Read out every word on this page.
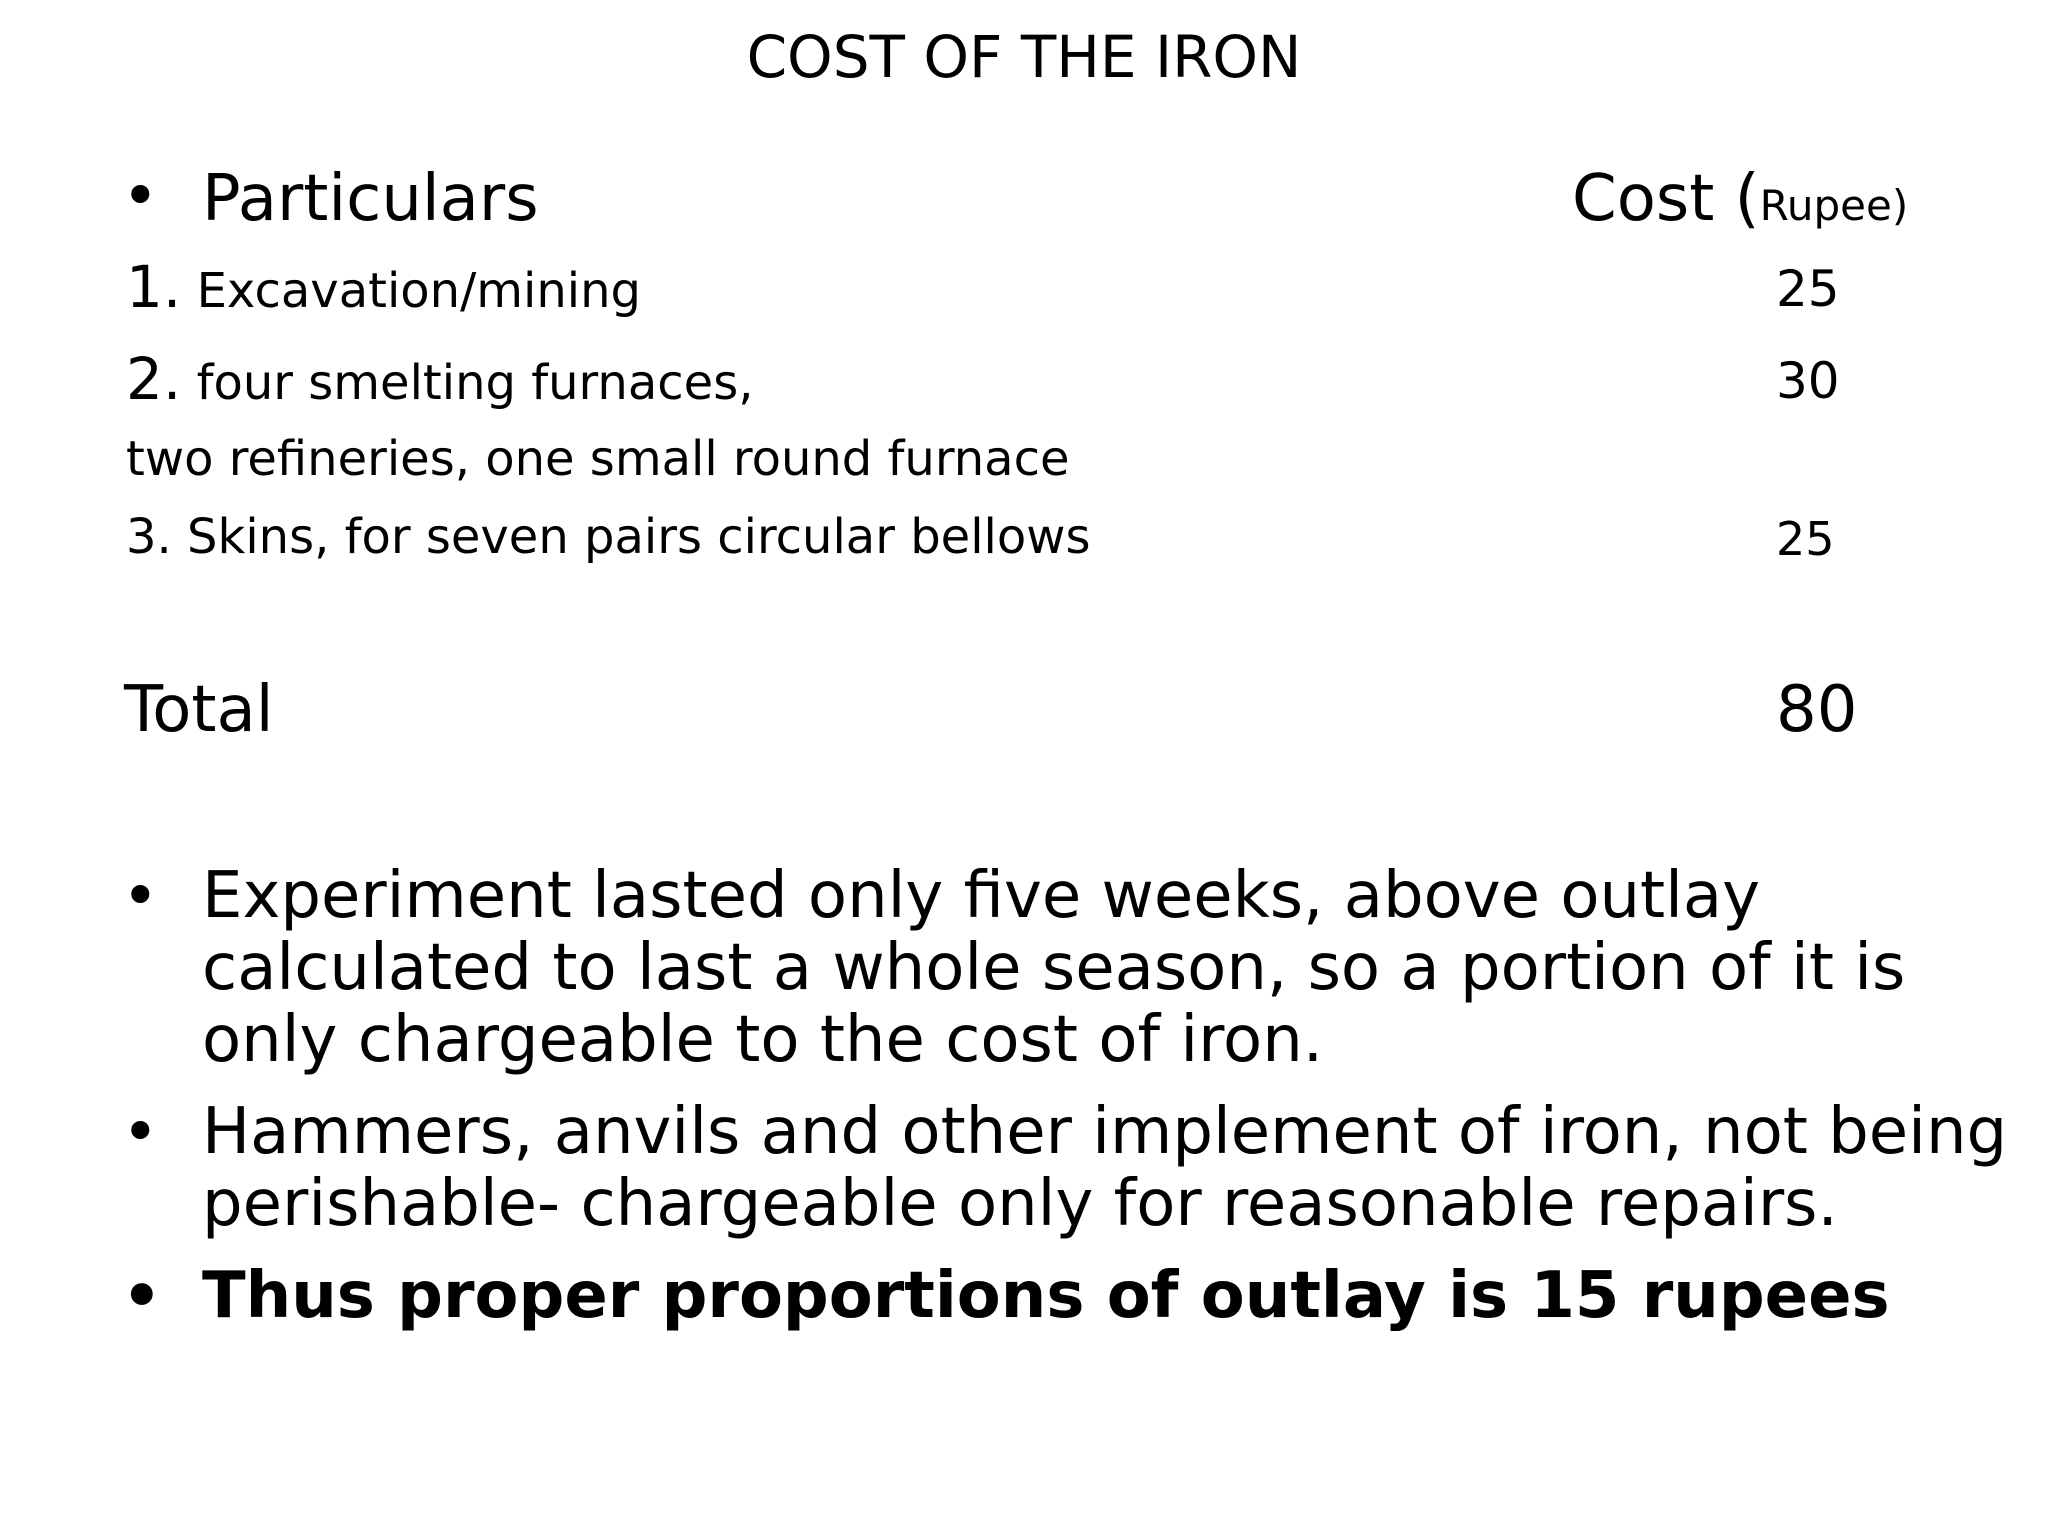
COST OF THE IRON
• Particulars	Cost (Rupee)
1. Excavation/mining	25
2. four smelting furnaces,	30
two refineries, one small round furnace
3. Skins, for seven pairs circular bellows	25
Total	80
• Experiment lasted only five weeks, above outlay calculated to last a whole season, so a portion of it is only chargeable to the cost of iron.
• Hammers, anvils and other implement of iron, not being perishable- chargeable only for reasonable repairs.
• Thus proper proportions of outlay is 15 rupees
